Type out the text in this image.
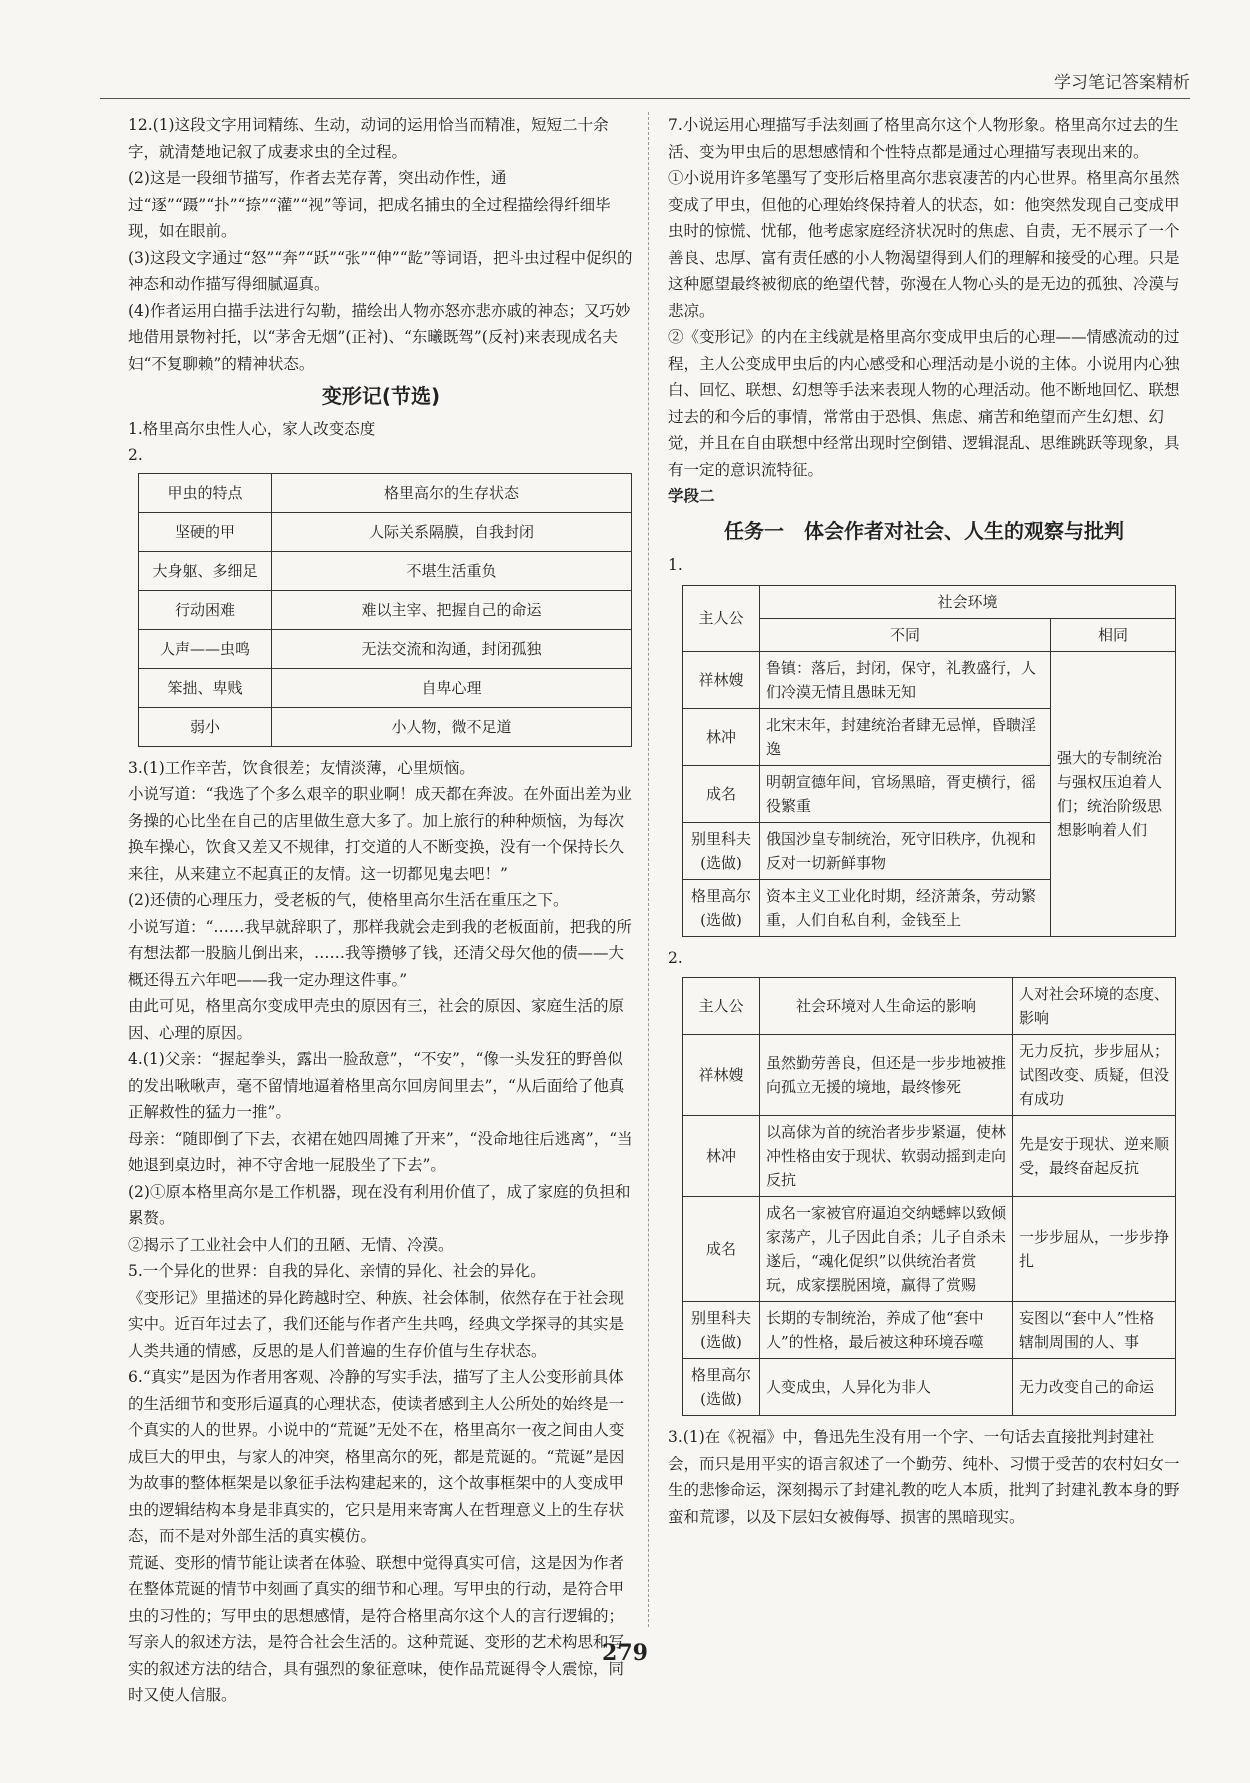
学习笔记答案精析

12.(1)这段文字用词精练、生动，动词的运用恰当而精准，短短二十余字，就清楚地记叙了成妻求虫的全过程。

(2)这是一段细节描写，作者去芜存菁，突出动作性，通过“逐”“蹑”“扑”“捺”“灌”“视”等词，把成名捕虫的全过程描绘得纤细毕现，如在眼前。

(3)这段文字通过“怒”“奔”“跃”“张”“伸”“龁”等词语，把斗虫过程中促织的神态和动作描写得细腻逼真。

(4)作者运用白描手法进行勾勒，描绘出人物亦怒亦悲亦戚的神态；又巧妙地借用景物衬托，以“茅舍无烟”(正衬)、“东曦既驾”(反衬)来表现成名夫妇“不复聊赖”的精神状态。

变形记(节选)

1.格里高尔虫性人心，家人改变态度

2.

甲虫的特点	格里高尔的生存状态
坚硬的甲	人际关系隔膜，自我封闭
大身躯、多细足	不堪生活重负
行动困难	难以主宰、把握自己的命运
人声——虫鸣	无法交流和沟通，封闭孤独
笨拙、卑贱	自卑心理
弱小	小人物，微不足道

3.(1)工作辛苦，饮食很差；友情淡薄，心里烦恼。

小说写道：“我选了个多么艰辛的职业啊！成天都在奔波。在外面出差为业务操的心比坐在自己的店里做生意大多了。加上旅行的种种烦恼，为每次换车操心，饮食又差又不规律，打交道的人不断变换，没有一个保持长久来往，从来建立不起真正的友情。这一切都见鬼去吧！”

(2)还债的心理压力，受老板的气，使格里高尔生活在重压之下。

小说写道：“……我早就辞职了，那样我就会走到我的老板面前，把我的所有想法都一股脑儿倒出来，……我等攒够了钱，还清父母欠他的债——大概还得五六年吧——我一定办理这件事。”

由此可见，格里高尔变成甲壳虫的原因有三，社会的原因、家庭生活的原因、心理的原因。

4.(1)父亲：“握起拳头，露出一脸敌意”，“不安”，“像一头发狂的野兽似的发出啾啾声，毫不留情地逼着格里高尔回房间里去”，“从后面给了他真正解救性的猛力一推”。

母亲：“随即倒了下去，衣裙在她四周摊了开来”，“没命地往后逃离”，“当她退到桌边时，神不守舍地一屁股坐了下去”。

(2)①原本格里高尔是工作机器，现在没有利用价值了，成了家庭的负担和累赘。

②揭示了工业社会中人们的丑陋、无情、冷漠。

5.一个异化的世界：自我的异化、亲情的异化、社会的异化。

《变形记》里描述的异化跨越时空、种族、社会体制，依然存在于社会现实中。近百年过去了，我们还能与作者产生共鸣，经典文学探寻的其实是人类共通的情感，反思的是人们普遍的生存价值与生存状态。

6.“真实”是因为作者用客观、冷静的写实手法，描写了主人公变形前具体的生活细节和变形后逼真的心理状态，使读者感到主人公所处的始终是一个真实的人的世界。小说中的“荒诞”无处不在，格里高尔一夜之间由人变成巨大的甲虫，与家人的冲突，格里高尔的死，都是荒诞的。“荒诞”是因为故事的整体框架是以象征手法构建起来的，这个故事框架中的人变成甲虫的逻辑结构本身是非真实的，它只是用来寄寓人在哲理意义上的生存状态，而不是对外部生活的真实模仿。

荒诞、变形的情节能让读者在体验、联想中觉得真实可信，这是因为作者在整体荒诞的情节中刻画了真实的细节和心理。写甲虫的行动，是符合甲虫的习性的；写甲虫的思想感情，是符合格里高尔这个人的言行逻辑的；写亲人的叙述方法，是符合社会生活的。这种荒诞、变形的艺术构思和写实的叙述方法的结合，具有强烈的象征意味，使作品荒诞得令人震惊，同时又使人信服。

7.小说运用心理描写手法刻画了格里高尔这个人物形象。格里高尔过去的生活、变为甲虫后的思想感情和个性特点都是通过心理描写表现出来的。

①小说用许多笔墨写了变形后格里高尔悲哀凄苦的内心世界。格里高尔虽然变成了甲虫，但他的心理始终保持着人的状态，如：他突然发现自己变成甲虫时的惊慌、忧郁，他考虑家庭经济状况时的焦虑、自责，无不展示了一个善良、忠厚、富有责任感的小人物渴望得到人们的理解和接受的心理。只是这种愿望最终被彻底的绝望代替，弥漫在人物心头的是无边的孤独、冷漠与悲凉。

②《变形记》的内在主线就是格里高尔变成甲虫后的心理——情感流动的过程，主人公变成甲虫后的内心感受和心理活动是小说的主体。小说用内心独白、回忆、联想、幻想等手法来表现人物的心理活动。他不断地回忆、联想过去的和今后的事情，常常由于恐惧、焦虑、痛苦和绝望而产生幻想、幻觉，并且在自由联想中经常出现时空倒错、逻辑混乱、思维跳跃等现象，具有一定的意识流特征。

学段二

任务一　体会作者对社会、人生的观察与批判

1.

主人公	社会环境	
	不同	相同
祥林嫂	鲁镇：落后，封闭，保守，礼教盛行，人们冷漠无情且愚昧无知	强大的专制统治与强权压迫着人们；统治阶级思想影响着人们
林冲	北宋末年，封建统治者肆无忌惮，昏聩淫逸	
成名	明朝宣德年间，官场黑暗，胥吏横行，徭役繁重	
别里科夫(选做)	俄国沙皇专制统治，死守旧秩序，仇视和反对一切新鲜事物	
格里高尔(选做)	资本主义工业化时期，经济萧条，劳动繁重，人们自私自利，金钱至上	

2.

主人公	社会环境对人生命运的影响	人对社会环境的态度、影响
祥林嫂	虽然勤劳善良，但还是一步步地被推向孤立无援的境地，最终惨死	无力反抗，步步屈从；试图改变、质疑，但没有成功
林冲	以高俅为首的统治者步步紧逼，使林冲性格由安于现状、软弱动摇到走向反抗	先是安于现状、逆来顺受，最终奋起反抗
成名	成名一家被官府逼迫交纳蟋蟀以致倾家荡产，儿子因此自杀；儿子自杀未遂后，“魂化促织”以供统治者赏玩，成家摆脱困境，赢得了赏赐	一步步屈从，一步步挣扎
别里科夫(选做)	长期的专制统治，养成了他“套中人”的性格，最后被这种环境吞噬	妄图以“套中人”性格辖制周围的人、事
格里高尔(选做)	人变成虫，人异化为非人	无力改变自己的命运

3.(1)在《祝福》中，鲁迅先生没有用一个字、一句话去直接批判封建社会，而只是用平实的语言叙述了一个勤劳、纯朴、习惯于受苦的农村妇女一生的悲惨命运，深刻揭示了封建礼教的吃人本质，批判了封建礼教本身的野蛮和荒谬，以及下层妇女被侮辱、损害的黑暗现实。

279
